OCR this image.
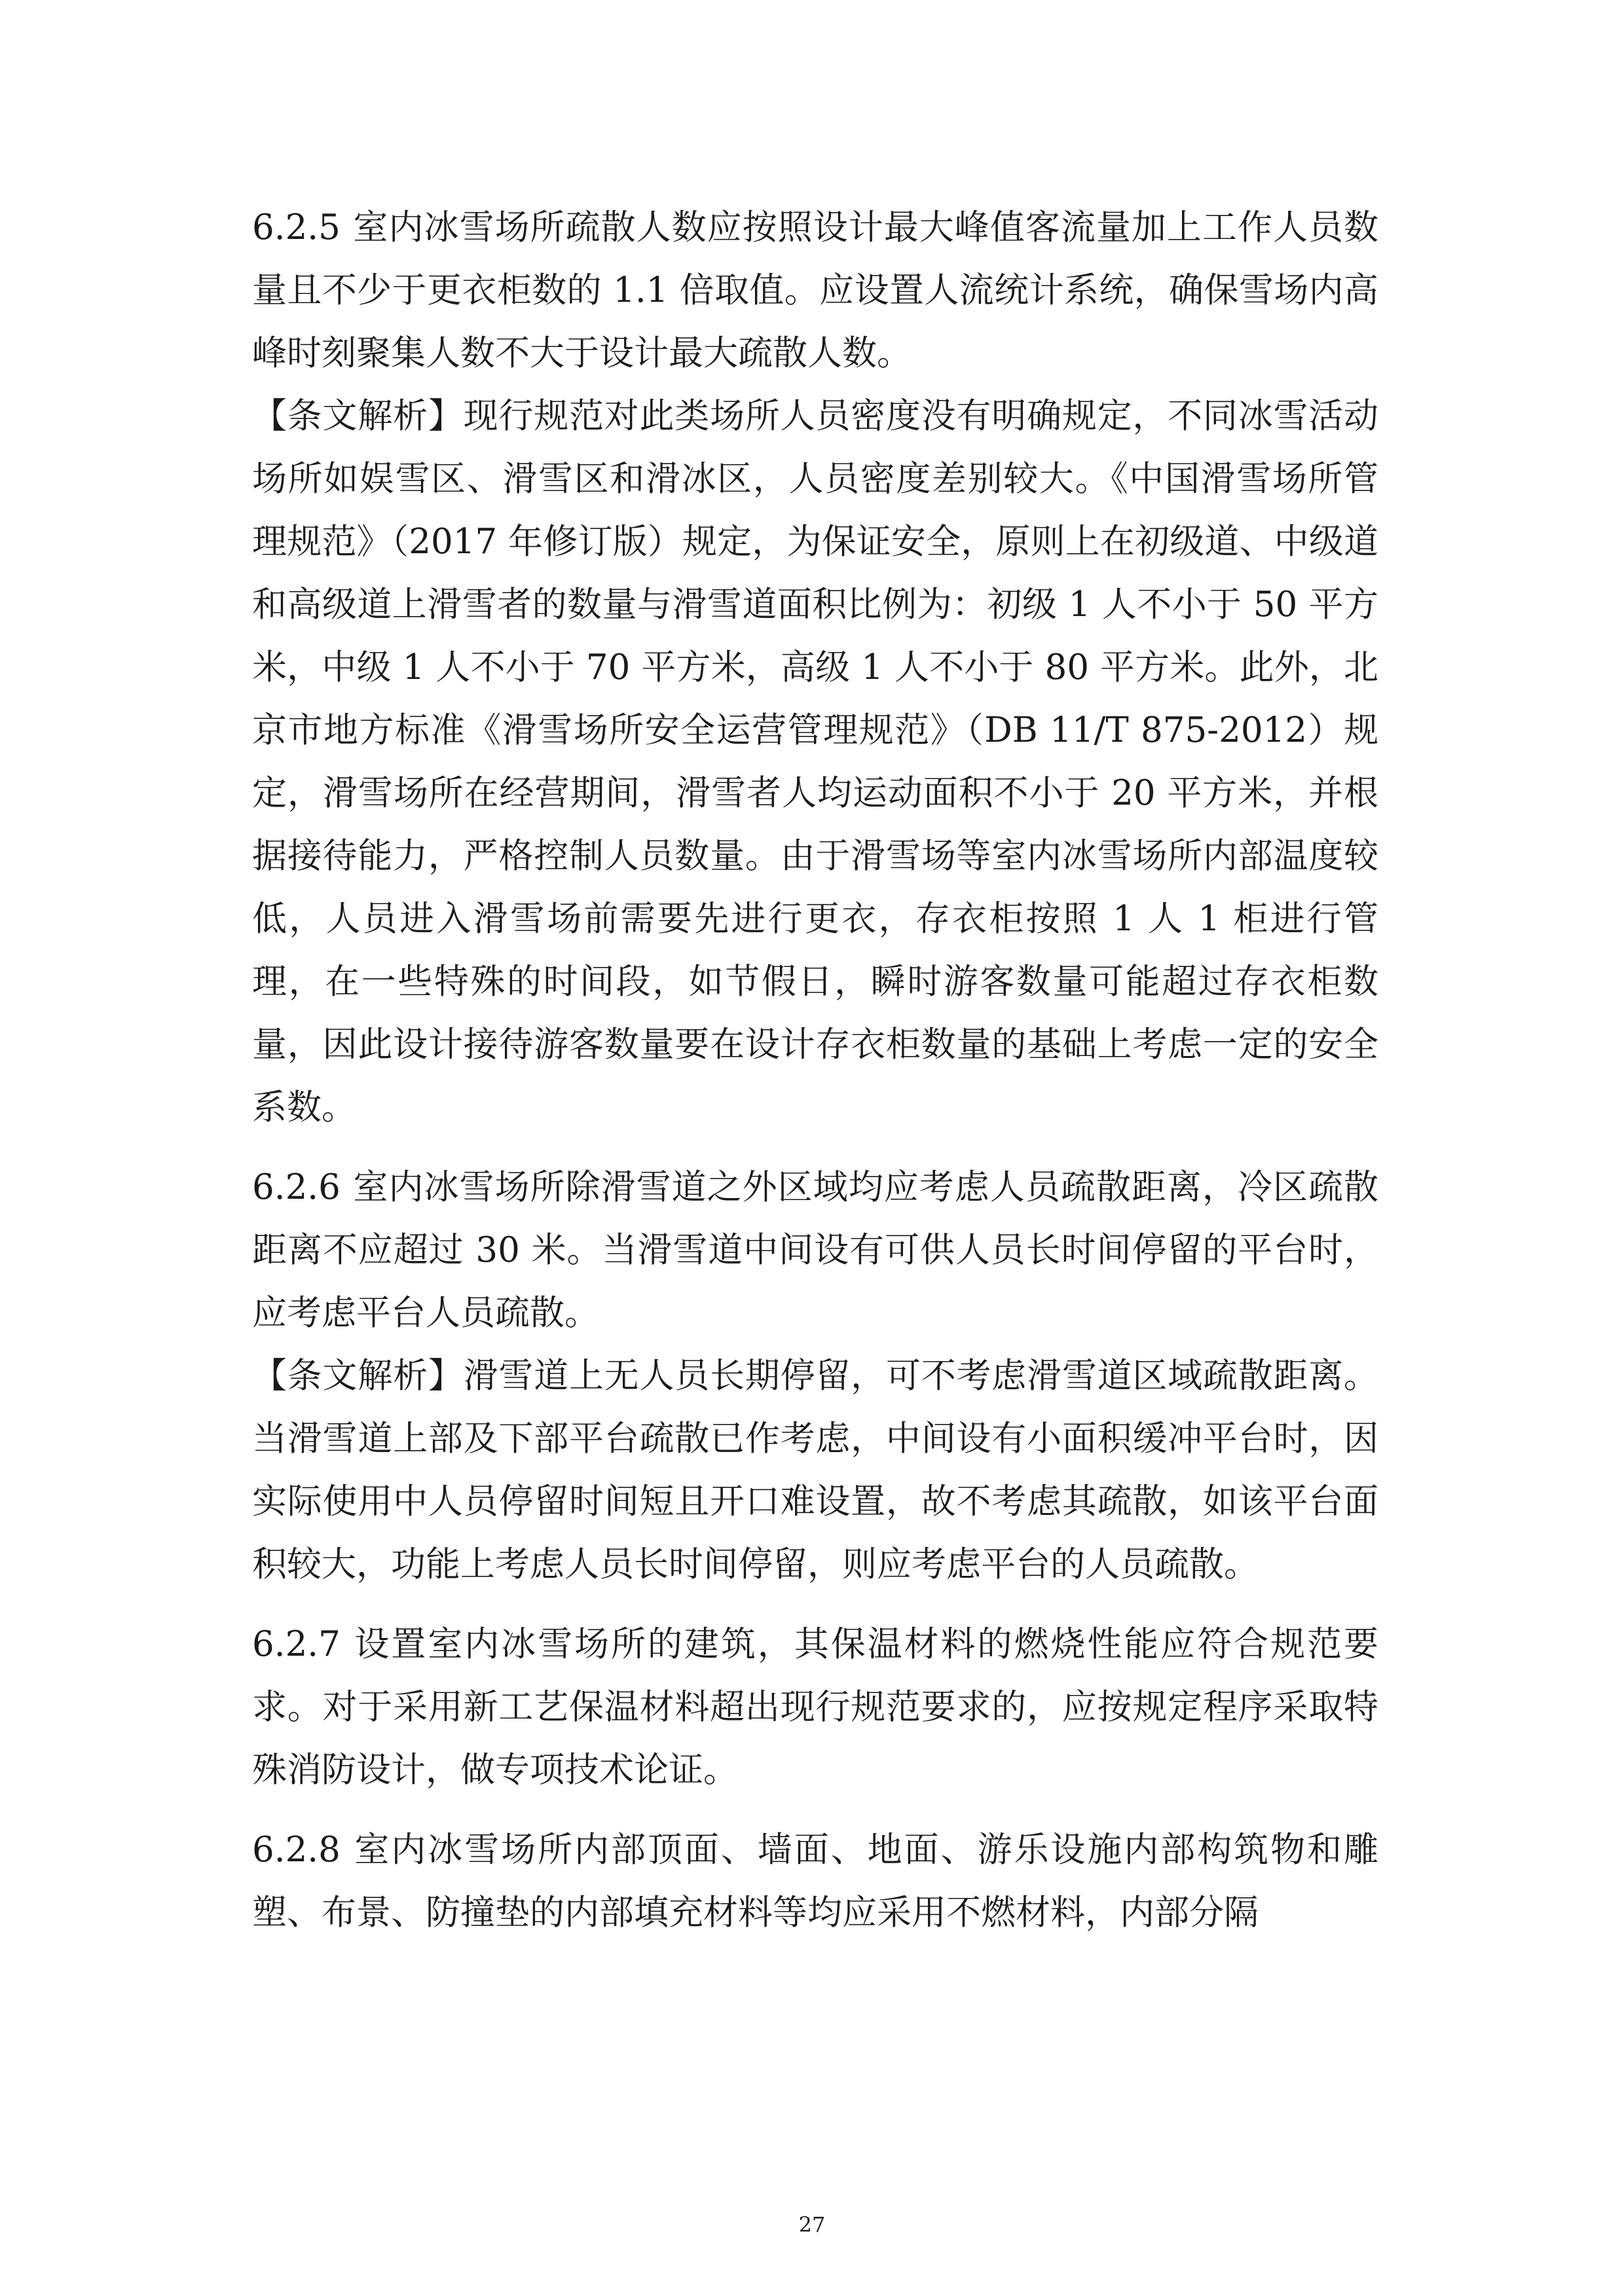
6.2.5 室内冰雪场所疏散人数应按照设计最大峰值客流量加上工作人员数量且不少于更衣柜数的 1.1 倍取值。应设置人流统计系统，确保雪场内高峰时刻聚集人数不大于设计最大疏散人数。

【条文解析】现行规范对此类场所人员密度没有明确规定，不同冰雪活动场所如娱雪区、滑雪区和滑冰区，人员密度差别较大。《中国滑雪场所管理规范》（2017 年修订版）规定，为保证安全，原则上在初级道、中级道和高级道上滑雪者的数量与滑雪道面积比例为：初级 1 人不小于 50 平方米，中级 1 人不小于 70 平方米，高级 1 人不小于 80 平方米。此外，北京市地方标准《滑雪场所安全运营管理规范》（DB 11/T 875-2012）规定，滑雪场所在经营期间，滑雪者人均运动面积不小于 20 平方米，并根据接待能力，严格控制人员数量。由于滑雪场等室内冰雪场所内部温度较低，人员进入滑雪场前需要先进行更衣，存衣柜按照 1 人 1 柜进行管理，在一些特殊的时间段，如节假日，瞬时游客数量可能超过存衣柜数量，因此设计接待游客数量要在设计存衣柜数量的基础上考虑一定的安全系数。

6.2.6 室内冰雪场所除滑雪道之外区域均应考虑人员疏散距离，冷区疏散距离不应超过 30 米。当滑雪道中间设有可供人员长时间停留的平台时，应考虑平台人员疏散。

【条文解析】滑雪道上无人员长期停留，可不考虑滑雪道区域疏散距离。当滑雪道上部及下部平台疏散已作考虑，中间设有小面积缓冲平台时，因实际使用中人员停留时间短且开口难设置，故不考虑其疏散，如该平台面积较大，功能上考虑人员长时间停留，则应考虑平台的人员疏散。

6.2.7 设置室内冰雪场所的建筑，其保温材料的燃烧性能应符合规范要求。对于采用新工艺保温材料超出现行规范要求的，应按规定程序采取特殊消防设计，做专项技术论证。

6.2.8 室内冰雪场所内部顶面、墙面、地面、游乐设施内部构筑物和雕塑、布景、防撞垫的内部填充材料等均应采用不燃材料，内部分隔

27
